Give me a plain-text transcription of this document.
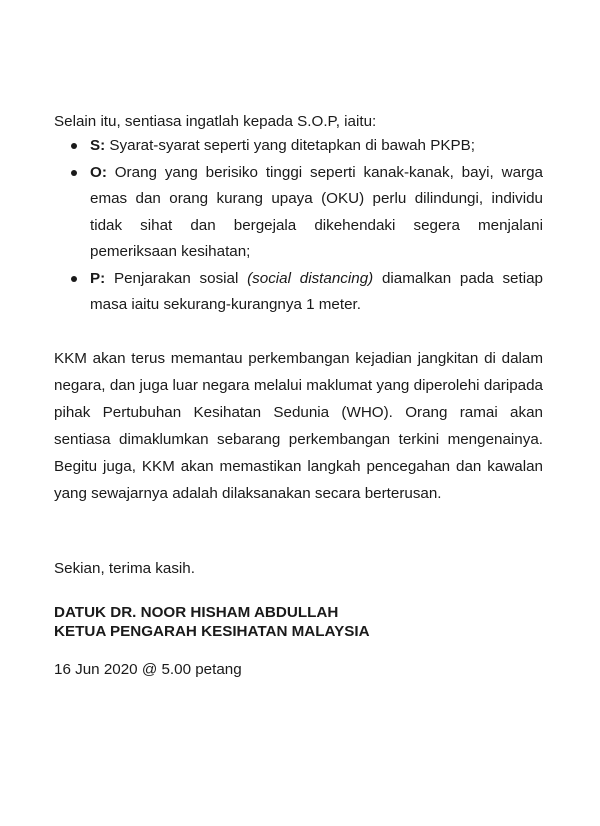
Selain itu, sentiasa ingatlah kepada S.O.P, iaitu:

S: Syarat-syarat seperti yang ditetapkan di bawah PKPB;
O: Orang yang berisiko tinggi seperti kanak-kanak, bayi, warga emas dan orang kurang upaya (OKU) perlu dilindungi, individu tidak sihat dan bergejala dikehendaki segera menjalani pemeriksaan kesihatan;
P: Penjarakan sosial (social distancing) diamalkan pada setiap masa iaitu sekurang-kurangnya 1 meter.

KKM akan terus memantau perkembangan kejadian jangkitan di dalam negara, dan juga luar negara melalui maklumat yang diperolehi daripada pihak Pertubuhan Kesihatan Sedunia (WHO). Orang ramai akan sentiasa dimaklumkan sebarang perkembangan terkini mengenainya. Begitu juga, KKM akan memastikan langkah pencegahan dan kawalan yang sewajarnya adalah dilaksanakan secara berterusan.

Sekian, terima kasih.

DATUK DR. NOOR HISHAM ABDULLAH
KETUA PENGARAH KESIHATAN MALAYSIA

16 Jun 2020 @ 5.00 petang
